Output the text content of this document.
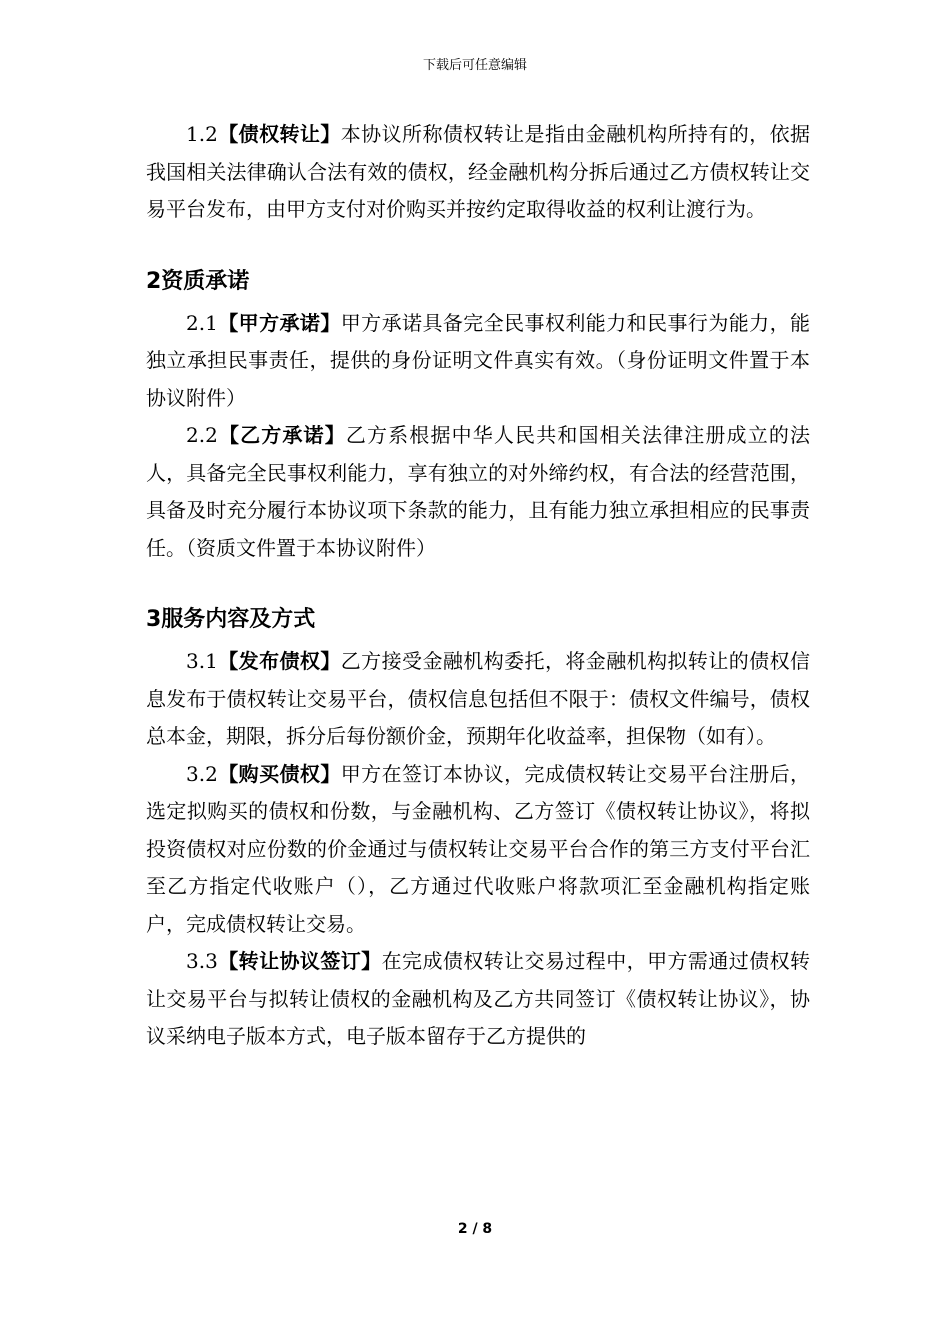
下载后可任意编辑

1.2【债权转让】本协议所称债权转让是指由金融机构所持有的，依据我国相关法律确认合法有效的债权，经金融机构分拆后通过乙方债权转让交易平台发布，由甲方支付对价购买并按约定取得收益的权利让渡行为。

2资质承诺

2.1【甲方承诺】甲方承诺具备完全民事权利能力和民事行为能力，能独立承担民事责任，提供的身份证明文件真实有效。（身份证明文件置于本协议附件）

2.2【乙方承诺】乙方系根据中华人民共和国相关法律注册成立的法人，具备完全民事权利能力，享有独立的对外缔约权，有合法的经营范围，具备及时充分履行本协议项下条款的能力，且有能力独立承担相应的民事责任。（资质文件置于本协议附件）

3服务内容及方式

3.1【发布债权】乙方接受金融机构委托，将金融机构拟转让的债权信息发布于债权转让交易平台，债权信息包括但不限于：债权文件编号，债权总本金，期限，拆分后每份额价金，预期年化收益率，担保物（如有）。

3.2【购买债权】甲方在签订本协议，完成债权转让交易平台注册后，选定拟购买的债权和份数，与金融机构、乙方签订《债权转让协议》，将拟投资债权对应份数的价金通过与债权转让交易平台合作的第三方支付平台汇至乙方指定代收账户（），乙方通过代收账户将款项汇至金融机构指定账户，完成债权转让交易。

3.3【转让协议签订】在完成债权转让交易过程中，甲方需通过债权转让交易平台与拟转让债权的金融机构及乙方共同签订《债权转让协议》，协议采纳电子版本方式，电子版本留存于乙方提供的

2 / 8
